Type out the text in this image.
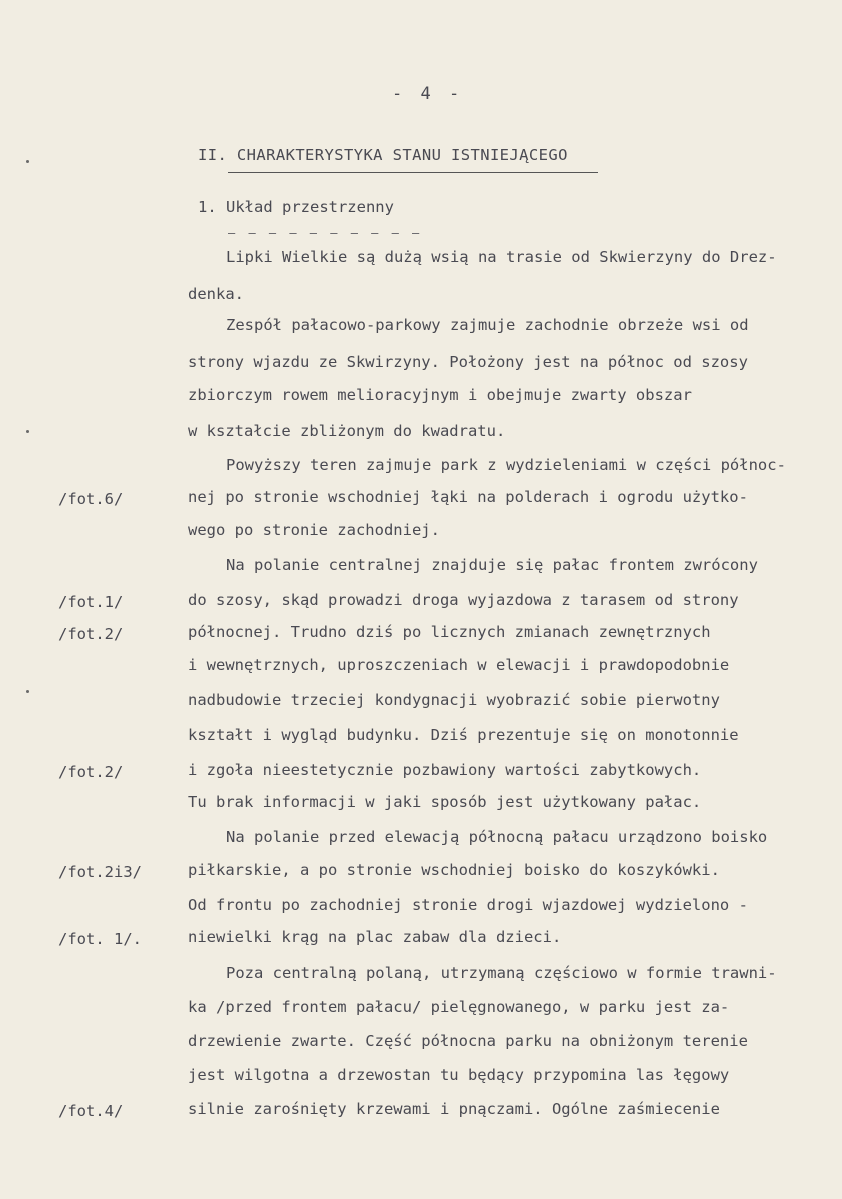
- 4 -
II. CHARAKTERYSTYKA STANU ISTNIEJĄCEGO
1. Układ przestrzenny
— — — — — — — — — —
Lipki Wielkie są dużą wsią na trasie od Skwierzyny do Drez-
denka.
Zespół pałacowo-parkowy zajmuje zachodnie obrzeże wsi od
strony wjazdu ze Skwirzyny. Położony jest na północ od szosy
zbiorczym rowem melioracyjnym i obejmuje zwarty obszar
w kształcie zbliżonym do kwadratu.
Powyższy teren zajmuje park z wydzieleniami w części północ-
nej po stronie wschodniej łąki na polderach i ogrodu użytko-
wego po stronie zachodniej.
Na polanie centralnej znajduje się pałac frontem zwrócony
do szosy, skąd prowadzi droga wyjazdowa z tarasem od strony
północnej. Trudno dziś po licznych zmianach zewnętrznych
i wewnętrznych, uproszczeniach w elewacji i prawdopodobnie
nadbudowie trzeciej kondygnacji wyobrazić sobie pierwotny
kształt i wygląd budynku. Dziś prezentuje się on monotonnie
i zgoła nieestetycznie pozbawiony wartości zabytkowych.
Tu brak informacji w jaki sposób jest użytkowany pałac.
Na polanie przed elewacją północną pałacu urządzono boisko
piłkarskie, a po stronie wschodniej boisko do koszykówki.
Od frontu po zachodniej stronie drogi wjazdowej wydzielono -
niewielki krąg na plac zabaw dla dzieci.
Poza centralną polaną, utrzymaną częściowo w formie trawni-
ka /przed frontem pałacu/ pielęgnowanego, w parku jest za-
drzewienie zwarte. Część północna parku na obniżonym terenie
jest wilgotna a drzewostan tu będący przypomina las łęgowy
silnie zarośnięty krzewami i pnączami. Ogólne zaśmiecenie
/fot.6/
/fot.1/
/fot.2/
/fot.2/
/fot.2i3/
/fot. 1/.
/fot.4/
